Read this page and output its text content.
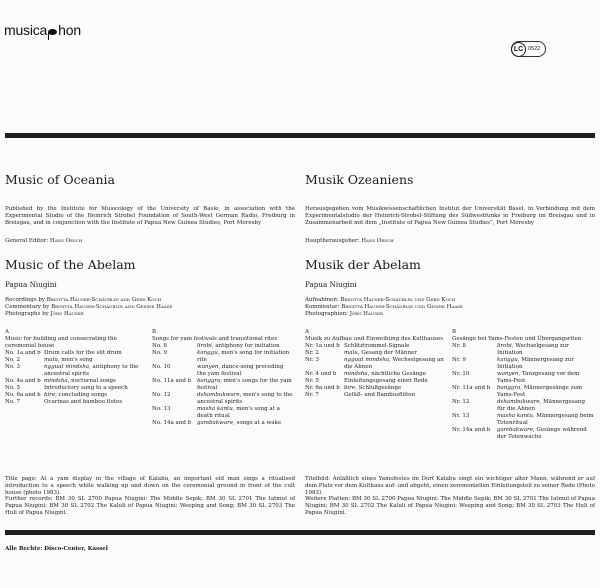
musica hon
LC 0522
Music of Oceania
Published by the Institute for Musicology of the University of Basle, in association with the Experimental Studio of the Heinrich Strobel Foundation of South-West German Radio, Freiburg in Breisgau, and in conjunction with the Institute of Papua New Guinea Studies, Port Moresby
General Editor: Hans Oesch
Music of the Abelam
Papua Niugini
Recordings by Brigitta Hauser-Schäublin and Gerd Koch
Commentary by Brigitta Hauser-Schäublin and Gesine Haase
Photographs by Jörg Hauser
A
Music for building and consecrating the ceremonial house
No. 1a and b Drum calls for the slit drum
No. 2	malu, men's song
No. 3	ngguat mindsha, antiphony to the ancestral spirits
No. 4a and b mindsha, nocturnal songs
No. 5	Introductory song to a speech
No. 6a and b bire, concluding songs
No. 7	Ocarinas and bamboo flutes
B
Songs for yam festivals and transitional rites
No. 8	lirobi, antiphony for initiation
No. 9	kanggu, men's song for initiation rite
No. 10	wanyen, dance-song preceding the yam festival
No. 11a and b	banggra, men's songs for the yam festival
No. 12	dshambukware, men's song to the ancestral spirits
No. 13	masha kantu, men's song at a death ritual
No. 14a and b	gambakware, songs at a wake
Title page: At a yam display in the village of Kalabu, an important old man sings a ritualised introduction to a speech while walking up and down on the ceremonial ground in front of the cult house (photo 1983).
Further records: BM 30 SL 2700 Papua Niugini: The Middle Sepik; BM 30 SL 2701 The Iatmul of Papua Niugini; BM 30 SL 2702 The Kaluli of Papua Niugini: Weeping and Song; BM 30 SL 2703 The Huli of Papua Niugini.
Musik Ozeaniens
Herausgegeben vom Musikwissenschaftlichen Institut der Universität Basel, in Verbindung mit dem Experimentalstudio der Heinrich-Strobel-Stiftung des Südwestfunks in Freiburg im Breisgau und in Zusammenarbeit mit dem „Institute of Papua New Guinea Studies“, Port Moresby
Hauptherausgeber: Hans Oesch
Musik der Abelam
Papua Niugini
Aufnahmen: Brigitta Hauser-Schäublin und Gerd Koch
Kommentar: Brigitta Hauser-Schäublin und Gesine Haase
Photographien: Jörg Hauser
A
Musik zu Aufbau und Einweihung des Kulthauses
Nr. 1a und b Schlitztrommel-Signale
Nr. 2	malu, Gesang der Männer
Nr. 3	ngguat mindsha, Wechselgesang an die Ahnen
Nr. 4 und b	mindsha, nächtliche Gesänge
Nr. 5	Einleitungsgesang einer Rede
Nr. 6a und b bire, Schlußgesänge
Nr. 7	Gefäß- und Bambusflöten
B
Gesänge bei Yams-Festen und Übergangsriten
Nr. 8	lirobi, Wechselgesang zur Initiation
Nr. 9	kanggu, Männergesang zur Initiation
Nr. 10	wanyen, Tanzgesang vor dem Yams-Fest
Nr. 11a und b	banggra, Männergesänge zum Yams-Fest
Nr. 12	dshambukware, Männergesang für die Ahnen
Nr. 13	masha kantu, Männergesang beim Totenritual
Nr. 14a und b	gambakware, Gesänge während der Totenwache
Titelbild: Anläßlich eines Yamsfestes im Dorf Kalabu singt ein wichtiger alter Mann, während er auf dem Platz vor dem Kulthaus auf- und abgeht, einen zeremoniellen Einleitungsteil zu seiner Rede (Photo 1983).
Weitere Platten: BM 30 SL 2700 Papua Niugini: The Middle Sepik; BM 30 SL 2701 The Iatmul of Papua Niugini; BM 30 SL 2702 The Kaluli of Papua Niugini: Weeping and Song; BM 30 SL 2703 The Huli of Papua Niugini.
Alle Rechte: Disco-Center, Kassel
